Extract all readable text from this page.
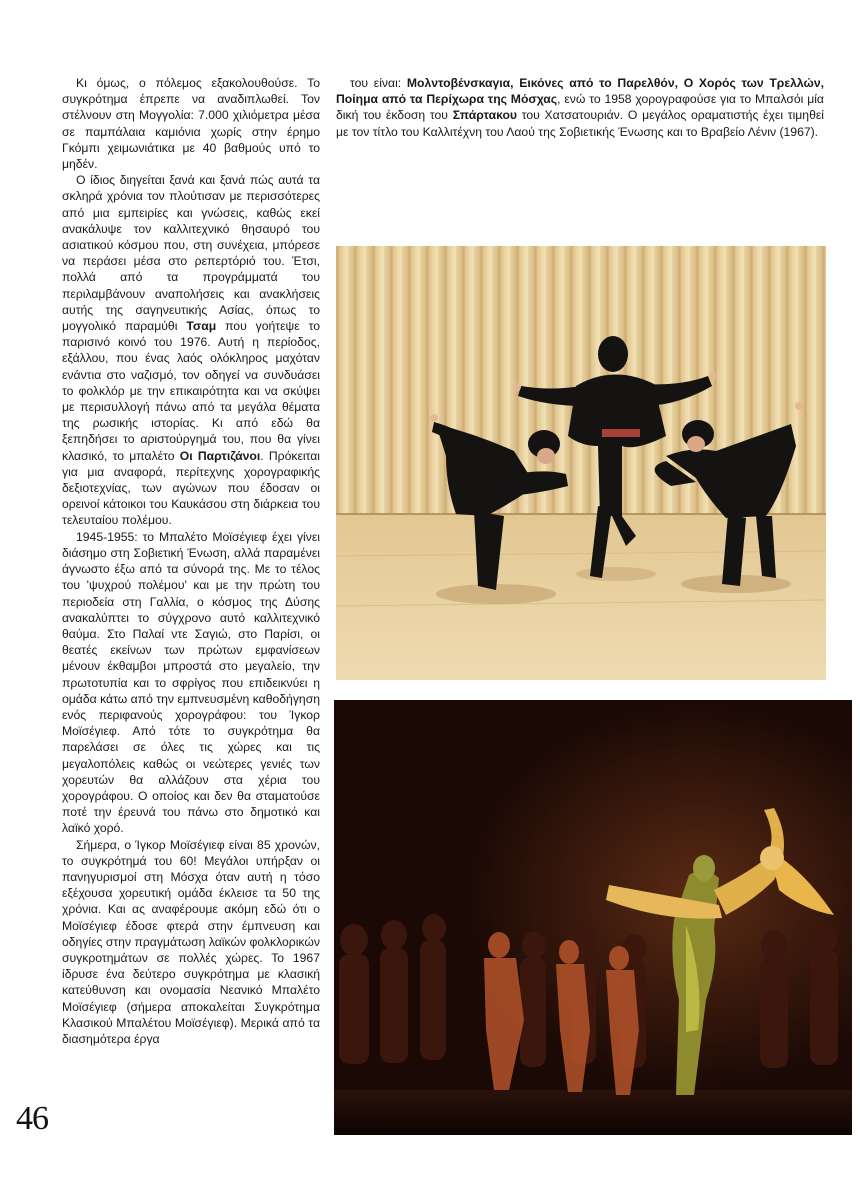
Κι όμως, ο πόλεμος εξακολουθούσε. Το συγκρότημα έπρεπε να αναδιπλωθεί. Τον στέλνουν στη Μογγολία: 7.000 χιλιόμετρα μέσα σε παμπάλαια καμιόνια χωρίς στην έρημο Γκόμπι χειμωνιάτικα με 40 βαθμούς υπό το μηδέν.

Ο ίδιος διηγείται ξανά και ξανά πώς αυτά τα σκληρά χρόνια τον πλούτισαν με περισσότερες από μια εμπειρίες και γνώσεις, καθώς εκεί ανακάλυψε τον καλλιτεχνικό θησαυρό του ασιατικού κόσμου που, στη συνέχεια, μπόρεσε να περάσει μέσα στο ρεπερτόριό του. Έτσι, πολλά από τα προγράμματά του περιλαμβάνουν αναπολήσεις και ανακλήσεις αυτής της σαγηνευτικής Ασίας, όπως το μογγολικό παραμύθι Τσαμ που γοήτεψε το παρισινό κοινό του 1976. Αυτή η περίοδος, εξάλλου, που ένας λαός ολόκληρος μαχόταν ενάντια στο ναζισμό, τον οδηγεί να συνδυάσει το φολκλόρ με την επικαιρότητα και να σκύψει με περισυλλογή πάνω από τα μεγάλα θέματα της ρωσικής ιστορίας. Κι από εδώ θα ξεπηδήσει το αριστούργημά του, που θα γίνει κλασικό, το μπαλέτο Οι Παρτιζάνοι. Πρόκειται για μια αναφορά, περίτεχνης χορογραφικής δεξιοτεχνίας, των αγώνων που έδοσαν οι ορεινοί κάτοικοι του Καυκάσου στη διάρκεια του τελευταίου πολέμου.

1945-1955: το Μπαλέτο Μοϊσέγιεφ έχει γίνει διάσημο στη Σοβιετική Ένωση, αλλά παραμένει άγνωστο έξω από τα σύνορά της. Με το τέλος του 'ψυχρού πολέμου' και με την πρώτη του περιοδεία στη Γαλλία, ο κόσμος της Δύσης ανακαλύπτει το σύγχρονο αυτό καλλιτεχνικό θαύμα. Στο Παλαί ντε Σαγιώ, στο Παρίσι, οι θεατές εκείνων των πρώτων εμφανίσεων μένουν έκθαμβοι μπροστά στο μεγαλείο, την πρωτοτυπία και το σφρίγος που επιδεικνύει η ομάδα κάτω από την εμπνευσμένη καθοδήγηση ενός περιφανούς χορογράφου: του Ίγκορ Μοϊσέγιεφ. Από τότε το συγκρότημα θα παρελάσει σε όλες τις χώρες και τις μεγαλοπόλεις καθώς οι νεώτερες γενιές των χορευτών θα αλλάζουν στα χέρια του χορογράφου. Ο οποίος και δεν θα σταματούσε ποτέ την έρευνά του πάνω στο δημοτικό και λαϊκό χορό.

Σήμερα, ο Ίγκορ Μοϊσέγιεφ είναι 85 χρονών, το συγκρότημά του 60! Μεγάλοι υπήρξαν οι πανηγυρισμοί στη Μόσχα όταν αυτή η τόσο εξέχουσα χορευτική ομάδα έκλεισε τα 50 της χρόνια. Και ας αναφέρουμε ακόμη εδώ ότι ο Μοϊσέγιεφ έδοσε φτερά στην έμπνευση και οδηγίες στην πραγμάτωση λαϊκών φολκλορικών συγκροτημάτων σε πολλές χώρες. Το 1967 ίδρυσε ένα δεύτερο συγκρότημα με κλασική κατεύθυνση και ονομασία Νεανικό Μπαλέτο Μοϊσέγιεφ (σήμερα αποκαλείται Συγκρότημα Κλασικού Μπαλέτου Μοϊσέγιεφ). Μερικά από τα διασημότερα έργα

του είναι: Μολντοβένσκαγια, Εικόνες από το Παρελθόν, Ο Χορός των Τρελλών, Ποίημα από τα Περίχωρα της Μόσχας, ενώ το 1958 χορογραφούσε για το Μπαλσόι μία δική του έκδοση του Σπάρτακου του Χατσατουριάν. Ο μεγάλος οραματιστής έχει τιμηθεί με τον τίτλο του Καλλιτέχνη του Λαού της Σοβιετικής Ένωσης και το Βραβείο Λένιν (1967).

46
